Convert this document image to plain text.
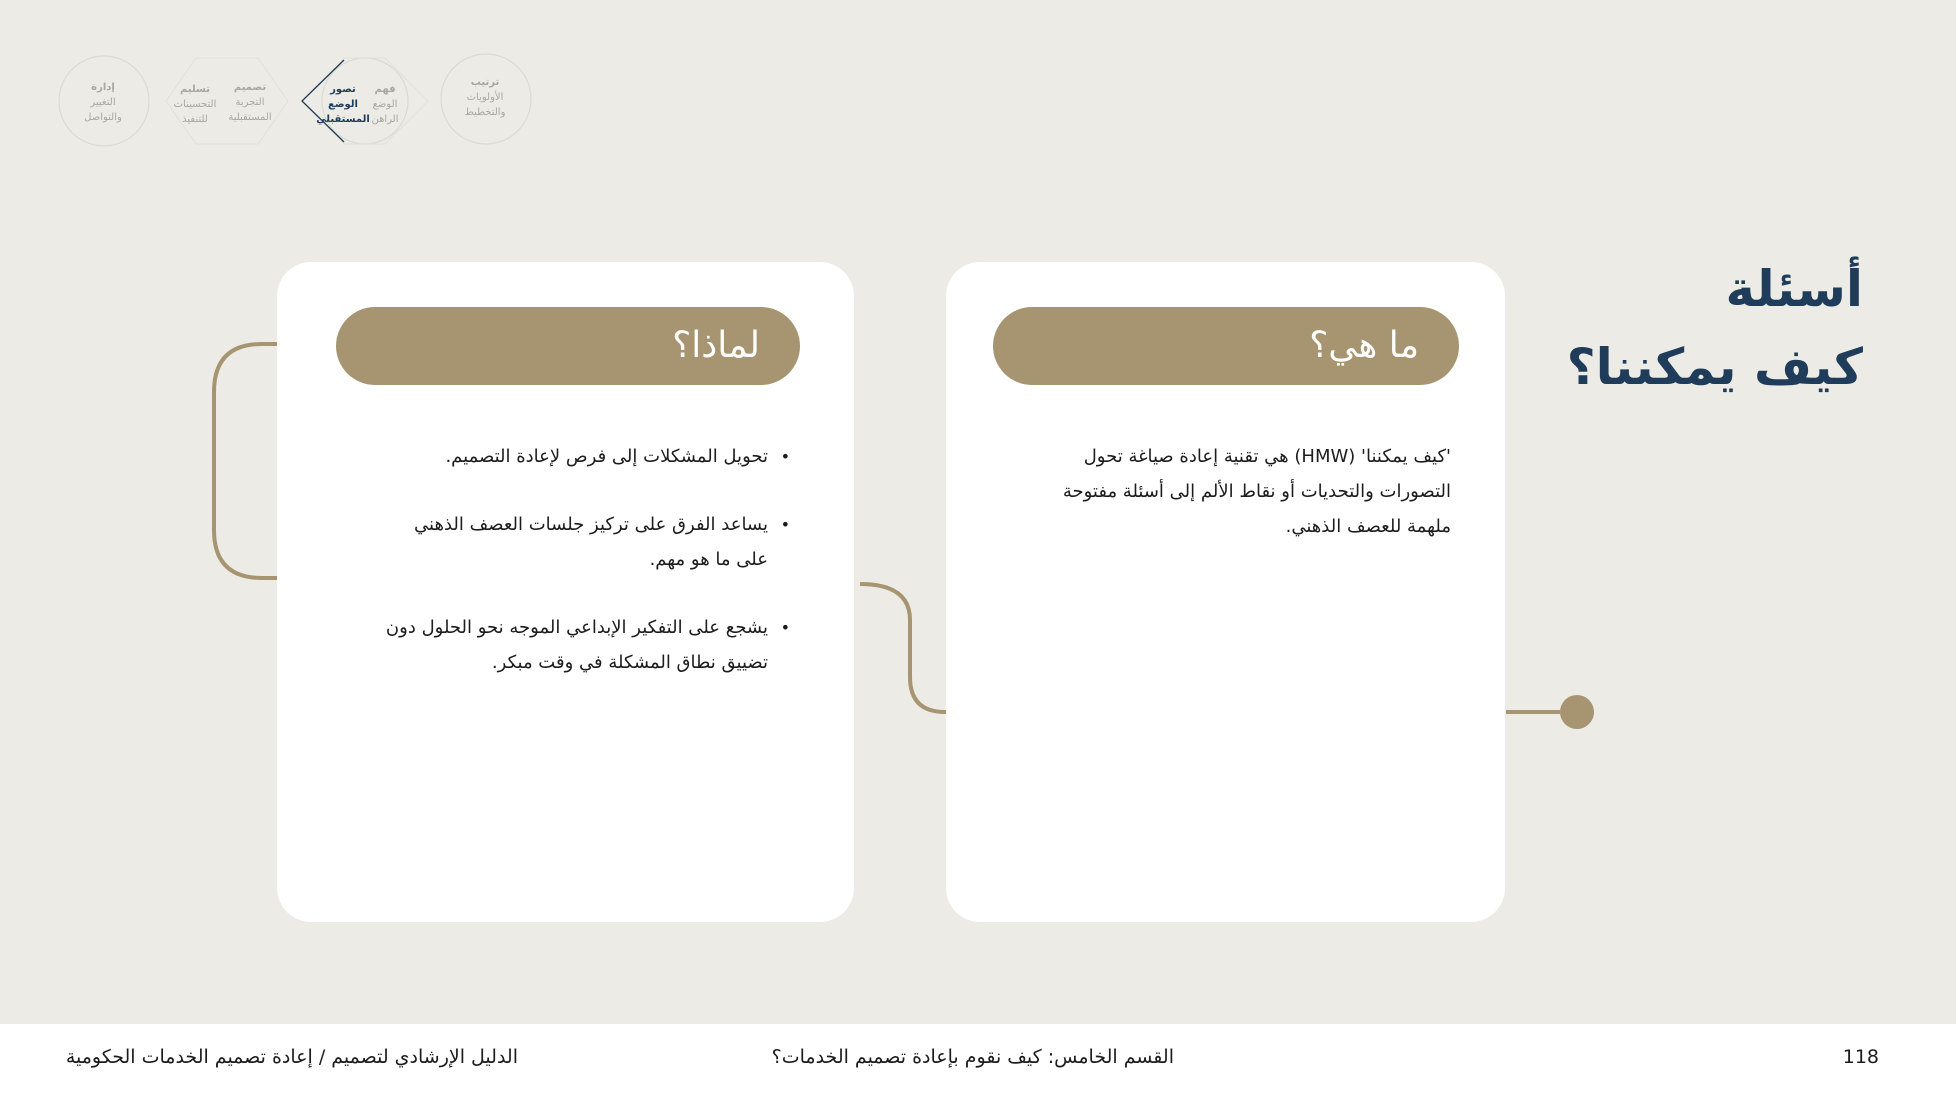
ترتيب
الأولويات والتخطيط
فهم
الوضع الراهن
تصور
الوضع المستقبلي
تصميم
التجربة المستقبلية
تسليم
التحسينات للتنفيذ
إدارة
التغيير والتواصل
أسئلة
كيف يمكننا؟
ما هي؟
'كيف يمكننا' (HMW) هي تقنية إعادة صياغة تحول التصورات والتحديات أو نقاط الألم إلى أسئلة مفتوحة ملهمة للعصف الذهني.
لماذا؟
• تحويل المشكلات إلى فرص لإعادة التصميم.
• يساعد الفرق على تركيز جلسات العصف الذهني على ما هو مهم.
• يشجع على التفكير الإبداعي الموجه نحو الحلول دون تضييق نطاق المشكلة في وقت مبكر.
118
القسم الخامس: كيف نقوم بإعادة تصميم الخدمات؟
الدليل الإرشادي لتصميم / إعادة تصميم الخدمات الحكومية
